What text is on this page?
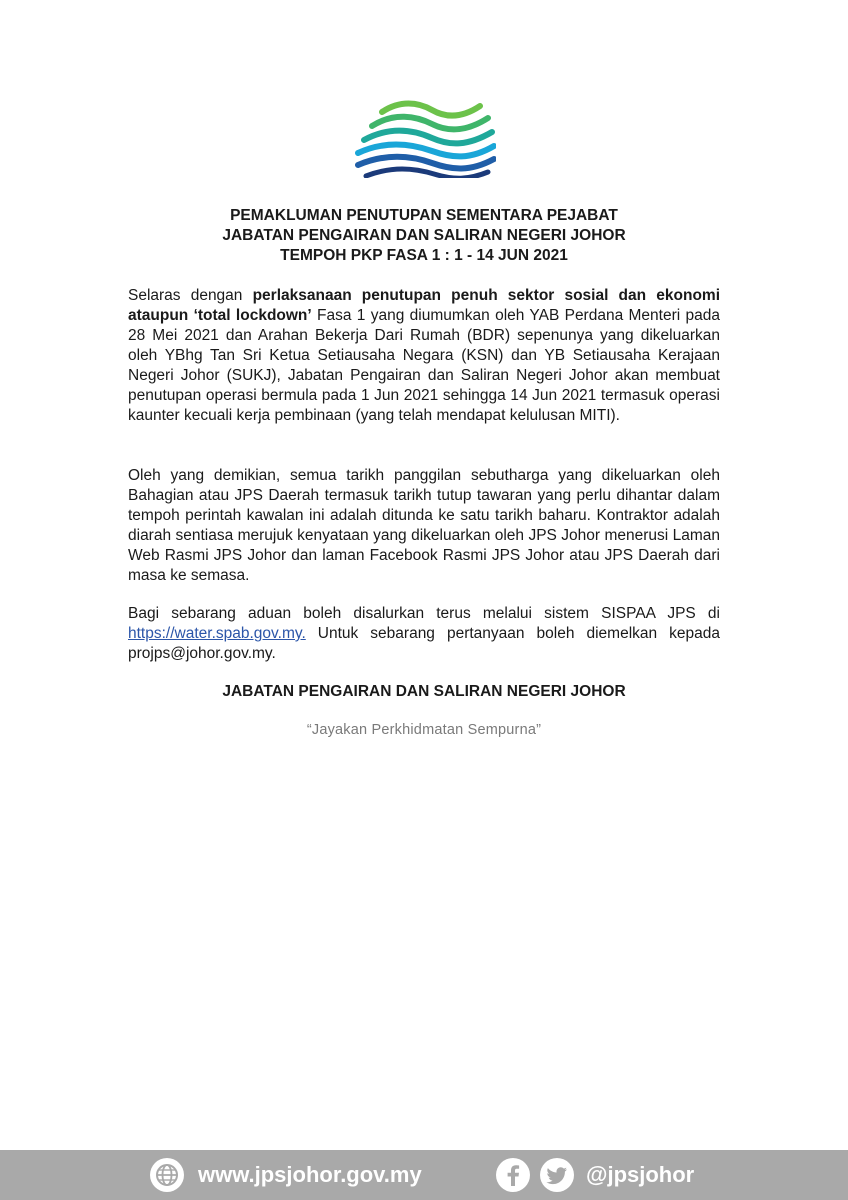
PEMAKLUMAN PENUTUPAN SEMENTARA PEJABAT
JABATAN PENGAIRAN DAN SALIRAN NEGERI JOHOR
TEMPOH PKP FASA 1 : 1 - 14 JUN 2021

Selaras dengan perlaksanaan penutupan penuh sektor sosial dan ekonomi ataupun ‘total lockdown’ Fasa 1 yang diumumkan oleh YAB Perdana Menteri pada 28 Mei 2021 dan Arahan Bekerja Dari Rumah (BDR) sepenunya yang dikeluarkan oleh YBhg Tan Sri Ketua Setiausaha Negara (KSN) dan YB Setiausaha Kerajaan Negeri Johor (SUKJ), Jabatan Pengairan dan Saliran Negeri Johor akan membuat penutupan operasi bermula pada 1 Jun 2021 sehingga 14 Jun 2021 termasuk operasi kaunter kecuali kerja pembinaan (yang telah mendapat kelulusan MITI).

Oleh yang demikian, semua tarikh panggilan sebutharga yang dikeluarkan oleh Bahagian atau JPS Daerah termasuk tarikh tutup tawaran yang perlu dihantar dalam tempoh perintah kawalan ini adalah ditunda ke satu tarikh baharu. Kontraktor adalah diarah sentiasa merujuk kenyataan yang dikeluarkan oleh JPS Johor menerusi Laman Web Rasmi JPS Johor dan laman Facebook Rasmi JPS Johor atau JPS Daerah dari masa ke semasa.

Bagi sebarang aduan boleh disalurkan terus melalui sistem SISPAA JPS di https://water.spab.gov.my. Untuk sebarang pertanyaan boleh diemelkan kepada projps@johor.gov.my.

JABATAN PENGAIRAN DAN SALIRAN NEGERI JOHOR
“Jayakan Perkhidmatan Sempurna”
www.jpsjohor.gov.my	@jpsjohor
